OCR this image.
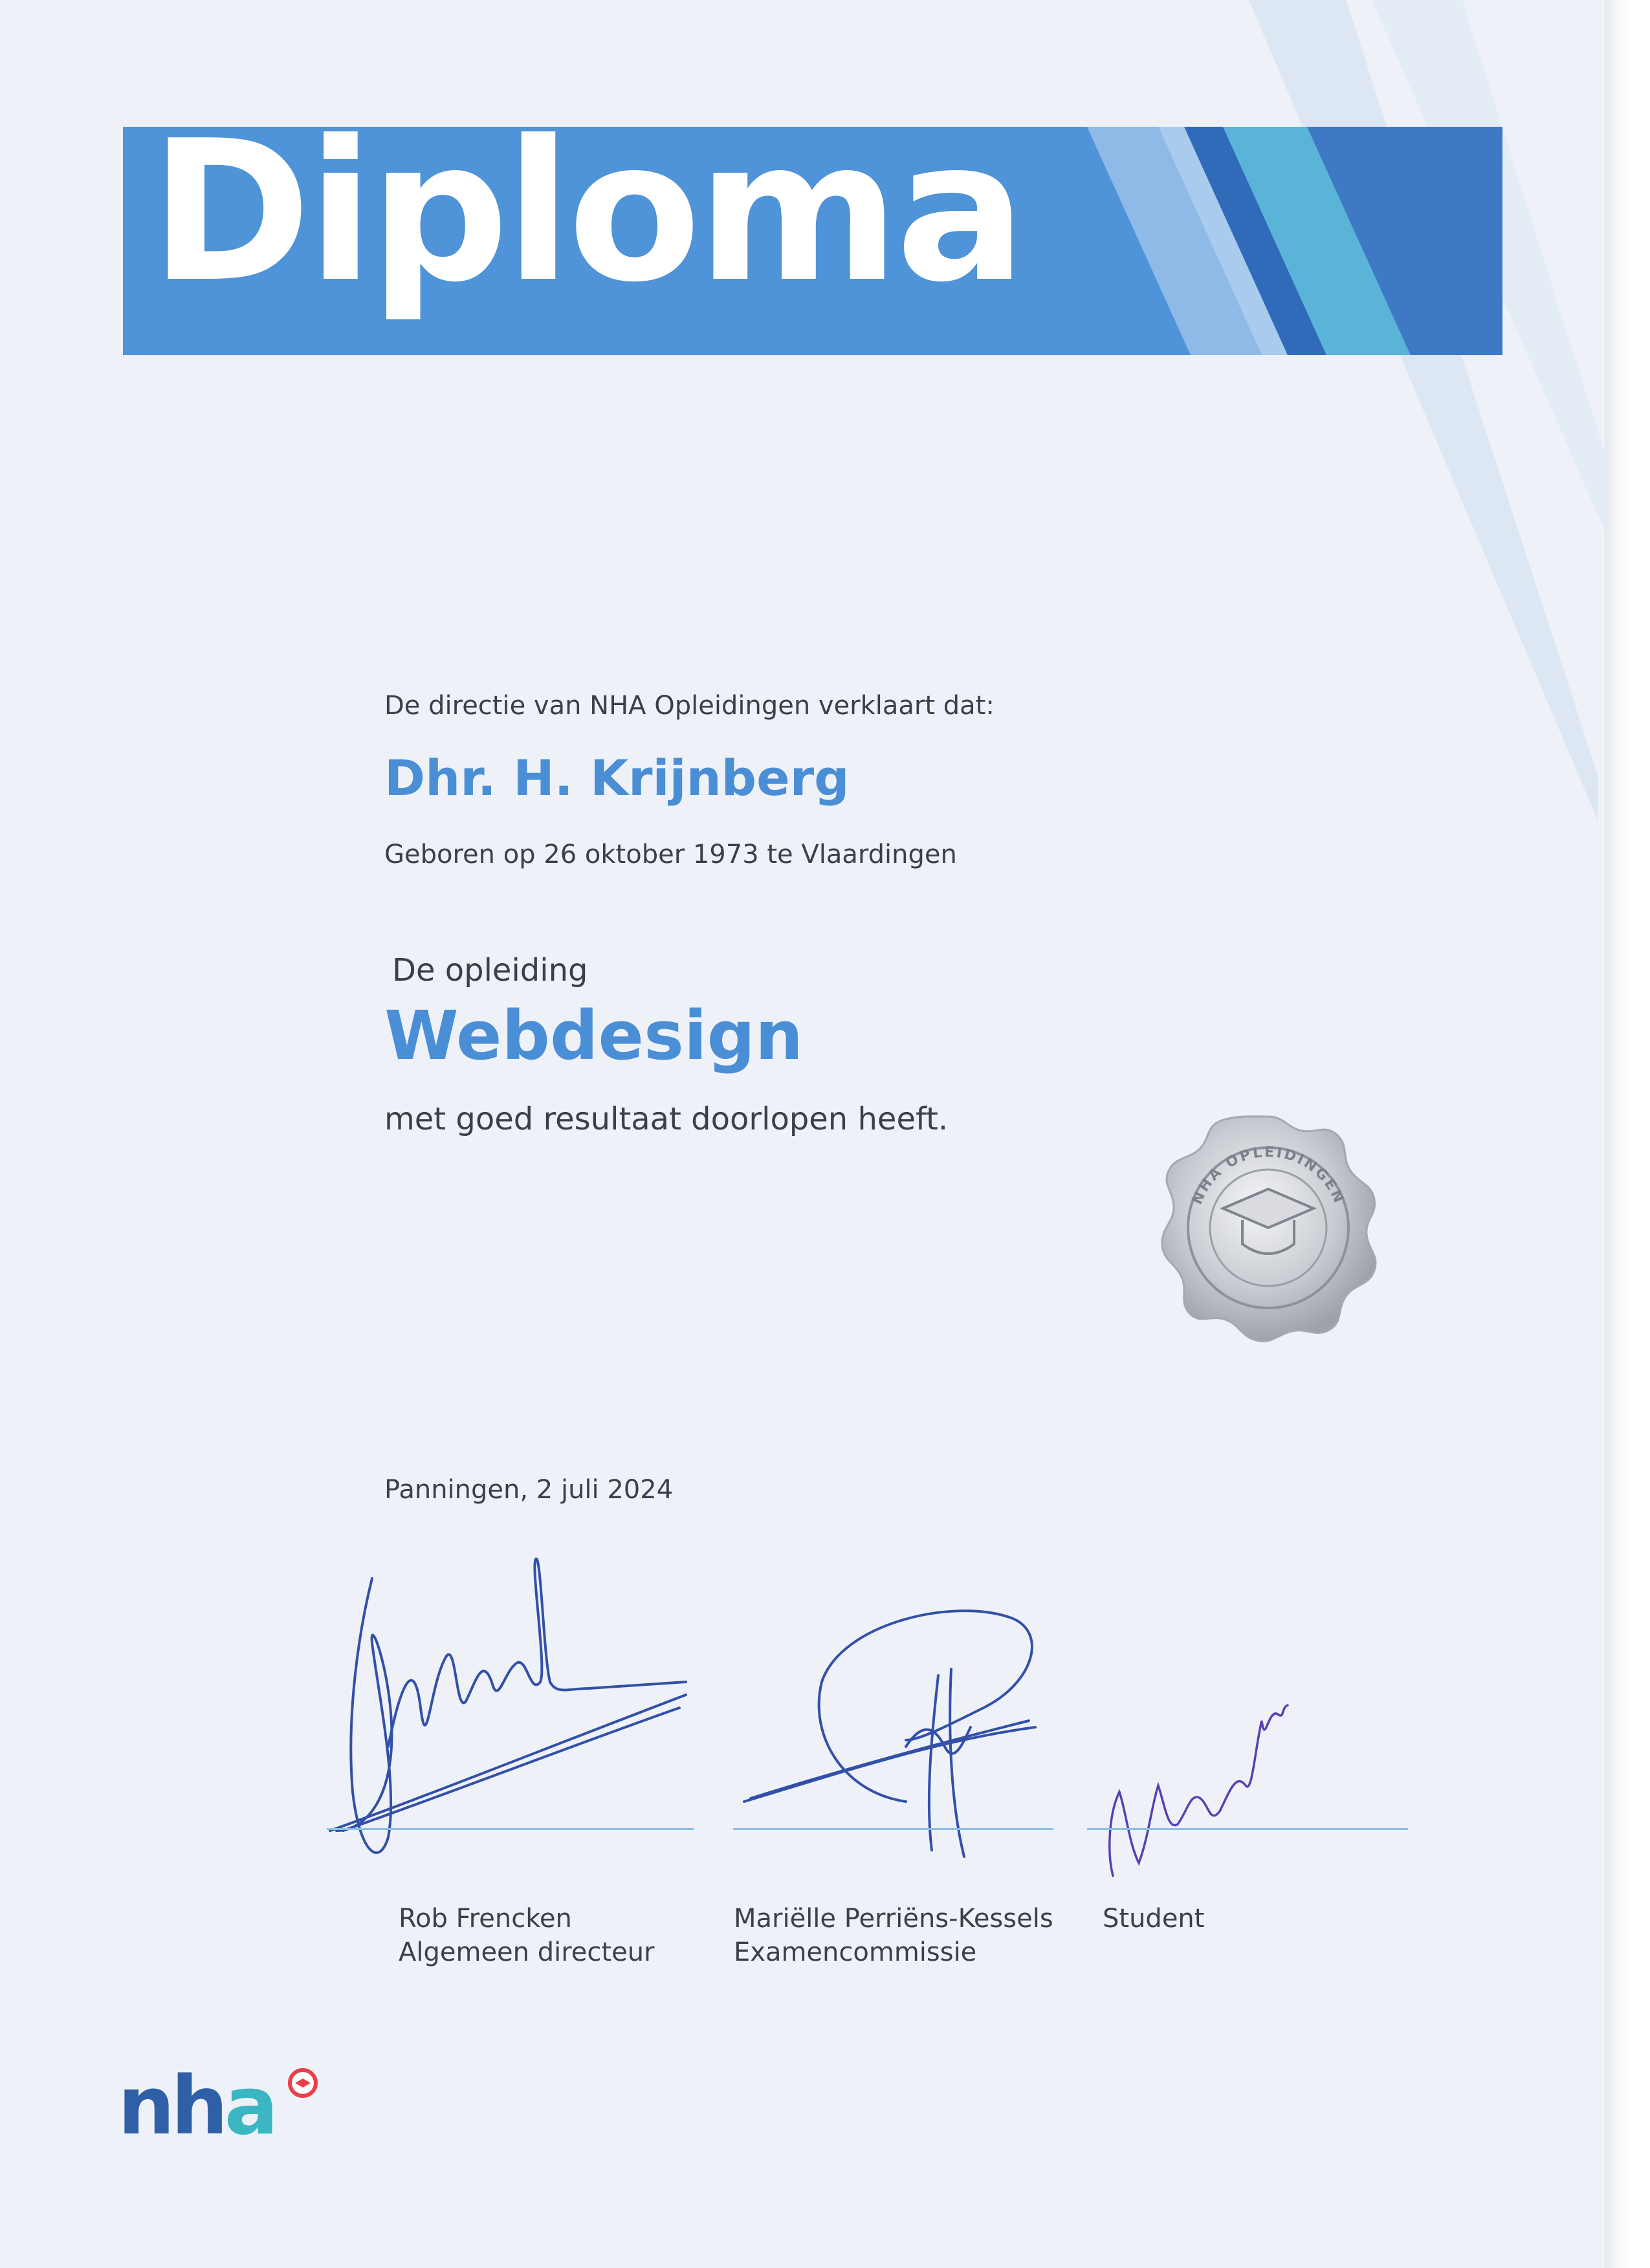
Diploma
De directie van NHA Opleidingen verklaart dat:
Dhr. H. Krijnberg
Geboren op 26 oktober 1973 te Vlaardingen
De opleiding
Webdesign
met goed resultaat doorlopen heeft.
NHA OPLEIDINGEN
Panningen, 2 juli 2024
Rob Frencken
Algemeen directeur
Mariëlle Perriëns-Kessels
Examencommissie
Student
nha
